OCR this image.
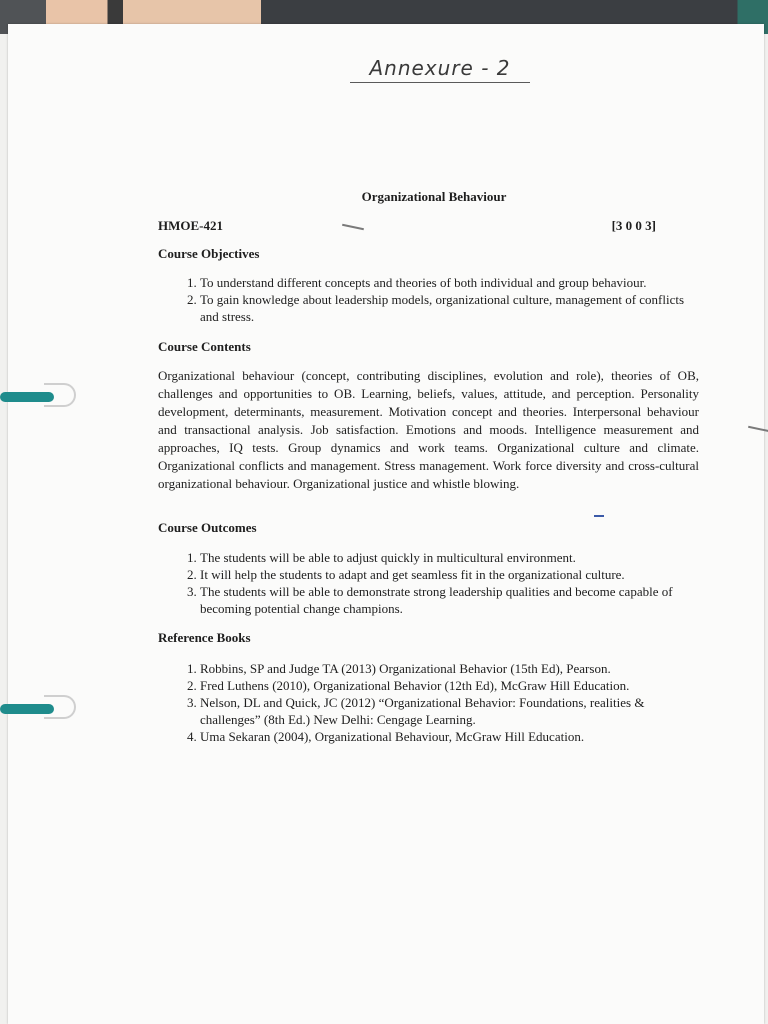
Annexure - 2
Organizational Behaviour
HMOE-421	[3 0 0 3]
Course Objectives
1. To understand different concepts and theories of both individual and group behaviour.
2. To gain knowledge about leadership models, organizational culture, management of conflicts and stress.
Course Contents

Organizational behaviour (concept, contributing disciplines, evolution and role), theories of OB, challenges and opportunities to OB. Learning, beliefs, values, attitude, and perception. Personality development, determinants, measurement. Motivation concept and theories. Interpersonal behaviour and transactional analysis. Job satisfaction. Emotions and moods. Intelligence measurement and approaches, IQ tests. Group dynamics and work teams. Organizational culture and climate. Organizational conflicts and management. Stress management. Work force diversity and cross-cultural organizational behaviour. Organizational justice and whistle blowing.

Course Outcomes
1. The students will be able to adjust quickly in multicultural environment.
2. It will help the students to adapt and get seamless fit in the organizational culture.
3. The students will be able to demonstrate strong leadership qualities and become capable of becoming potential change champions.
Reference Books
1. Robbins, SP and Judge TA (2013) Organizational Behavior (15th Ed), Pearson.
2. Fred Luthens (2010), Organizational Behavior (12th Ed), McGraw Hill Education.
3. Nelson, DL and Quick, JC (2012) “Organizational Behavior: Foundations, realities & challenges” (8th Ed.) New Delhi: Cengage Learning.
4. Uma Sekaran (2004), Organizational Behaviour, McGraw Hill Education.
